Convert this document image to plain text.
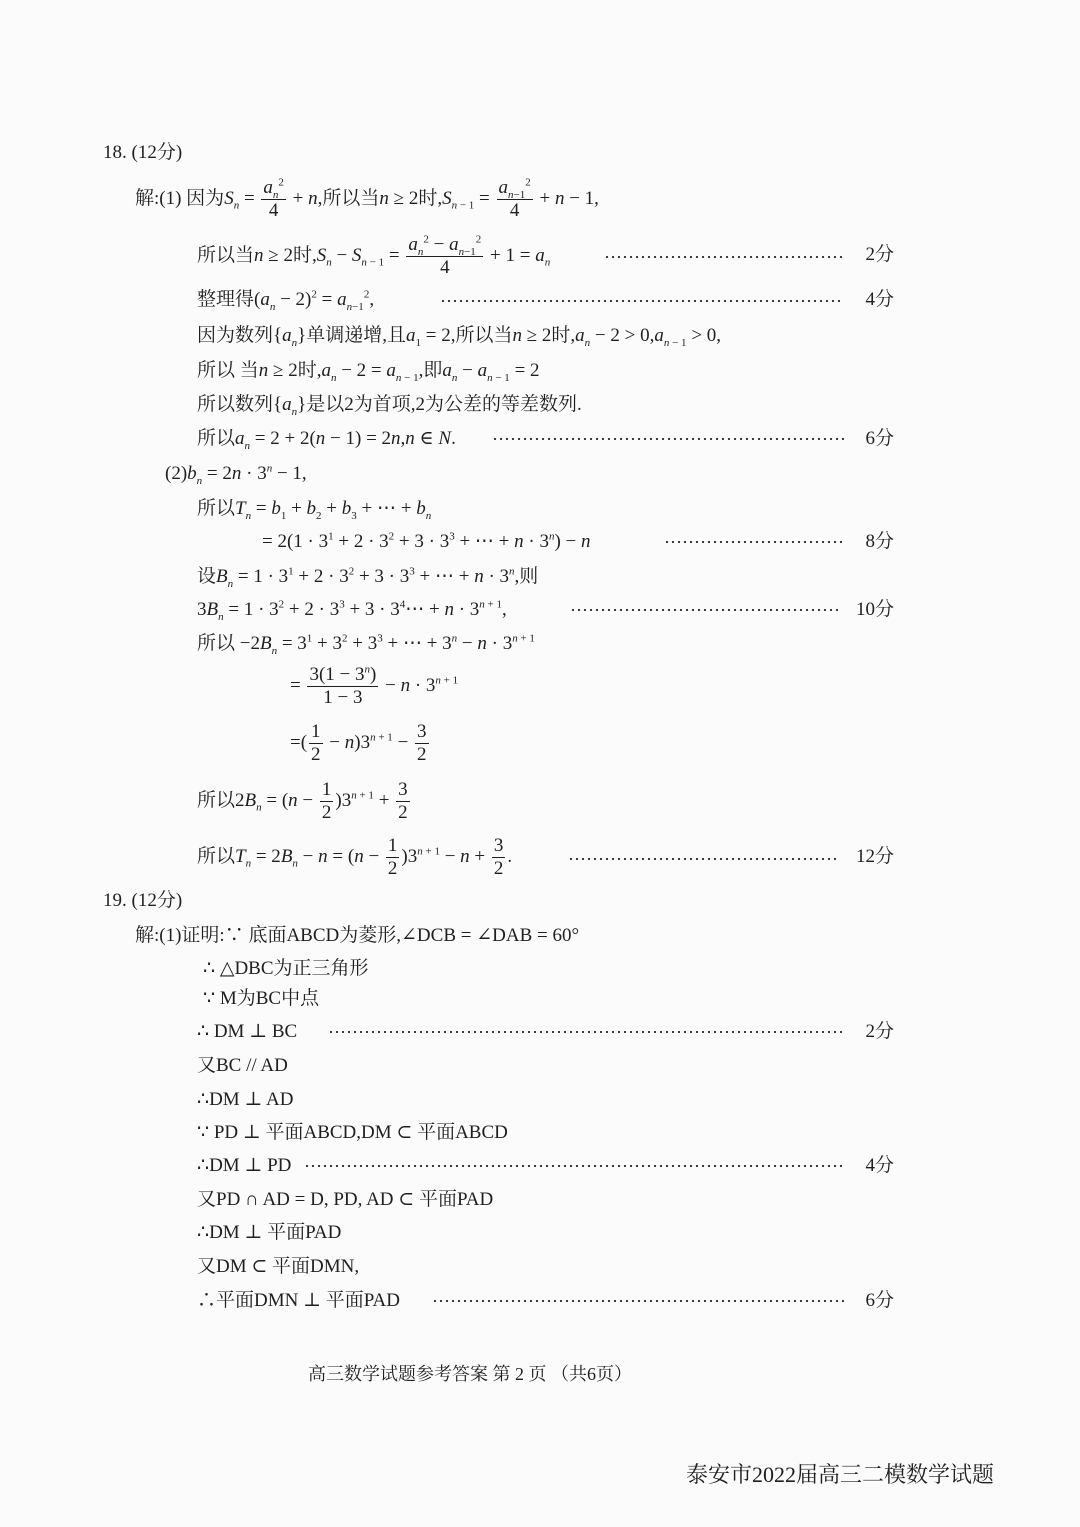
18. (12分)
解:(1) 因为$S_n = \frac{a_n^2}{4} + n$,所以当n ≥ 2时$,S_{n - 1} = \frac{a_{n-1}^2}{4} + n - 1$,
所以当n ≥ 2时$,S_n - S_{n - 1} = \frac{a_n^2 - a_{n-1}^2}{4} + 1 = a_n$	2分
整理得$(a_n - 2)^2 = a_{n-1}^2$,	4分
因为数列$\{a_n\}$单调递增,且$a_1 = 2$,所以当n ≥ 2时$,a_n - 2 > 0,a_{n - 1} > 0$,
所以 当n ≥ 2时$,a_n - 2 = a_{n - 1}$,即$a_n - a_{n - 1} = 2$
所以数列$\{a_n\}$是以2为首项,2为公差的等差数列.
所以$a_n = 2 + 2(n - 1) = 2n,n$ ∈ N.	6分
$(2)b_n = 2n \cdot 3^n - 1$,
所以$T_n = b_1 + b_2 + b_3$ + ⋯ + $b_n$
= $2(1 \cdot 3^1 + 2 \cdot 3^2 + 3 \cdot 3^3$ + ⋯ + $n \cdot 3^n) - n$	8分
设$B_n = 1 \cdot 3^1 + 2 \cdot 3^2 + 3 \cdot 3^3$ + ⋯ + $n \cdot 3^n$,则
$3B_n = 1 \cdot 3^2 + 2 \cdot 3^3 + 3$ · $3^4\cdots + n \cdot 3^{n + 1}$,	10分
所以 $-2B_n = 3^1 + 3^2 + 3^3$ + ⋯ + $3^n - n \cdot 3^{n + 1}$
= $\frac{3(1 - 3^n)}{1 - 3} - n \cdot 3^{n + 1}$
=( $\frac{1}{2} - n)3^{n + 1} - \frac{3}{2}$
所以$2B_n = (n - \frac{1}{2} )3^{n + 1} + \frac{3}{2}$
所以$T_n = 2B_n - n = (n - \frac{1}{2} )3^{n + 1} - n + \frac{3}{2}$ .	12分
19. (12分)
解:(1)证明:∵ 底面ABCD为菱形,∠DCB = ∠DAB = 60°
∴ △DBC为正三角形
∵ M为BC中点
∴ DM ⊥ BC	2分
又BC // AD
∴DM ⊥ AD
∵ PD ⊥ 平面ABCD,DM ⊂ 平面ABCD
∴DM ⊥ PD	4分
又PD ∩ AD = D, PD, AD ⊂ 平面PAD
∴DM ⊥ 平面PAD
又DM ⊂ 平面DMN,
∴平面DMN ⊥ 平面PAD	6分
高三数学试题参考答案 第 2 页 （共6页）
泰安市2022届高三二模数学试题
